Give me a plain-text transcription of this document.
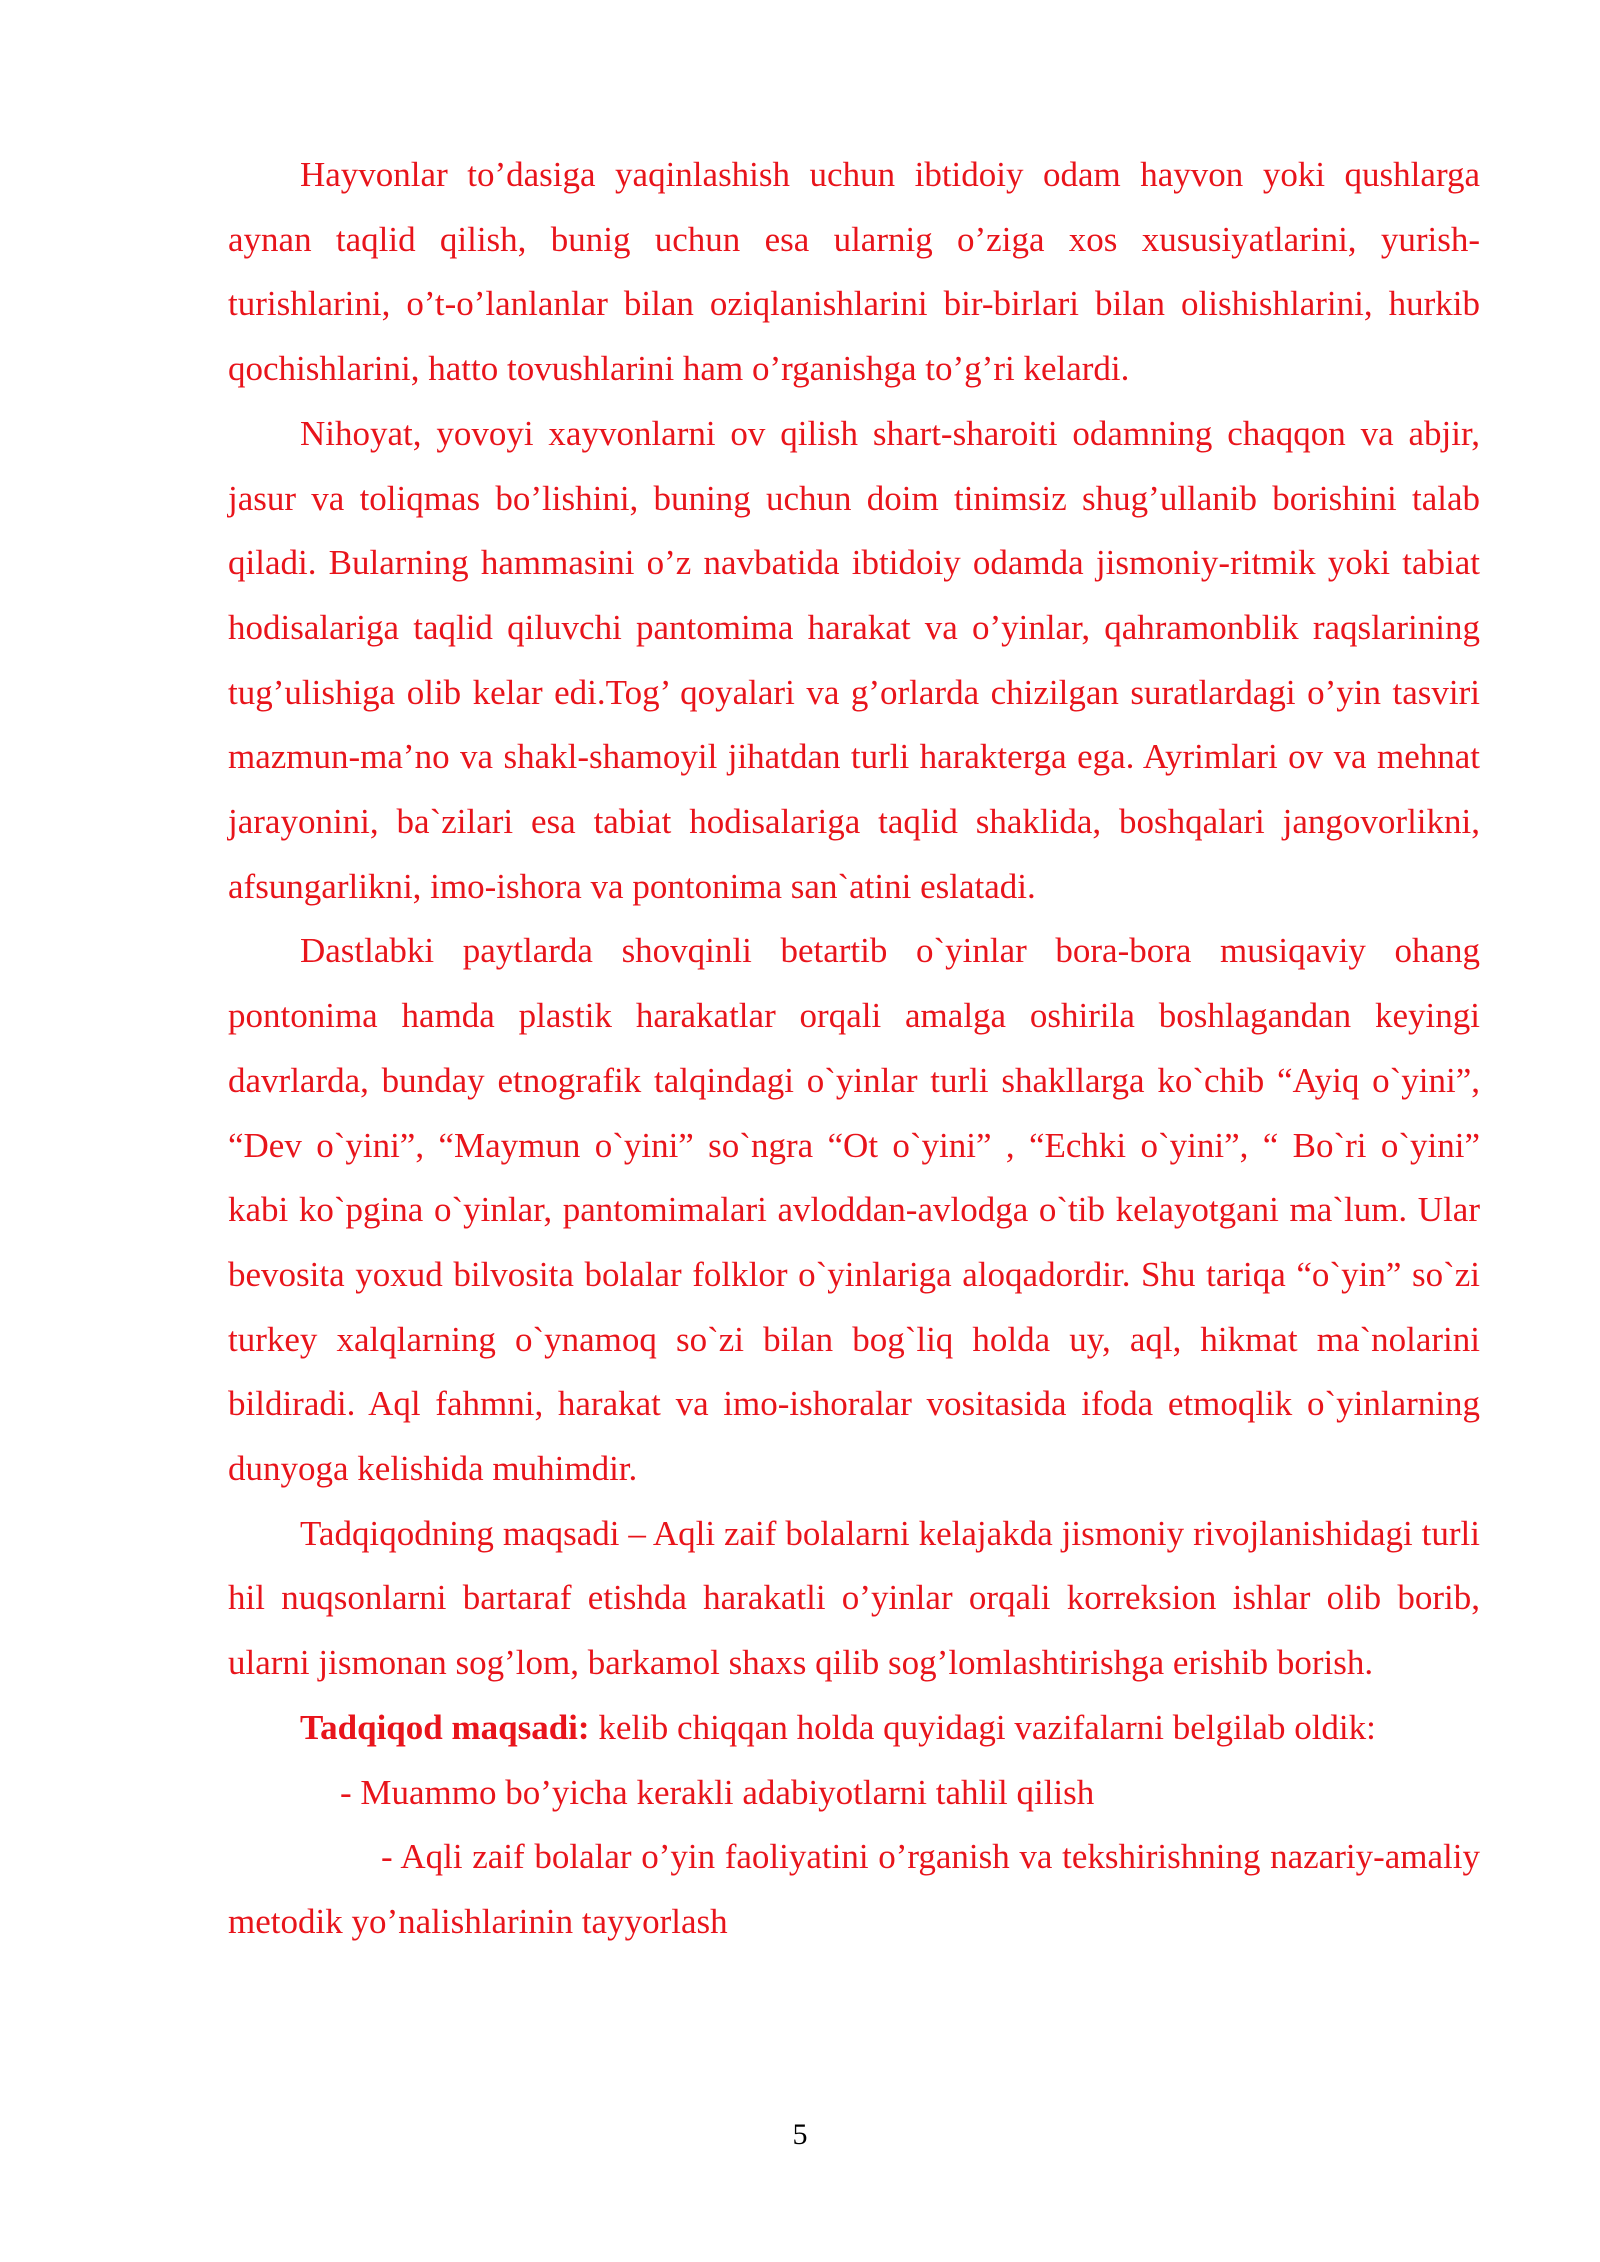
Hayvonlar to’dasiga yaqinlashish uchun ibtidoiy odam hayvon yoki qushlarga aynan taqlid qilish, bunig uchun esa ularnig o’ziga xos xususiyatlarini, yurish-turishlarini, o’t-o’lanlanlar bilan oziqlanishlarini bir-birlari bilan olishishlarini, hurkib qochishlarini, hatto tovushlarini ham o’rganishga to’g’ri kelardi.

Nihoyat, yovoyi xayvonlarni ov qilish shart-sharoiti odamning chaqqon va abjir, jasur va toliqmas bo’lishini, buning uchun doim tinimsiz shug’ullanib borishini talab qiladi. Bularning hammasini o’z navbatida ibtidoiy odamda jismoniy-ritmik yoki tabiat hodisalariga taqlid qiluvchi pantomima harakat va o’yinlar, qahramonblik raqslarining tug’ulishiga olib kelar edi.Tog’ qoyalari va g’orlarda chizilgan suratlardagi o’yin tasviri mazmun-ma’no va shakl-shamoyil jihatdan turli harakterga ega. Ayrimlari ov va mehnat jarayonini, ba`zilari esa tabiat hodisalariga taqlid shaklida, boshqalari jangovorlikni, afsungarlikni, imo-ishora va pontonima san`atini eslatadi.

Dastlabki paytlarda shovqinli betartib o`yinlar bora-bora musiqaviy ohang pontonima hamda plastik harakatlar orqali amalga oshirila boshlagandan keyingi davrlarda, bunday etnografik talqindagi o`yinlar turli shakllarga ko`chib “Ayiq o`yini”, “Dev o`yini”, “Maymun o`yini” so`ngra “Ot o`yini” , “Echki o`yini”, “ Bo`ri o`yini” kabi ko`pgina o`yinlar, pantomimalari avloddan-avlodga o`tib kelayotgani ma`lum. Ular bevosita yoxud bilvosita bolalar folklor o`yinlariga aloqadordir. Shu tariqa “o`yin” so`zi turkey xalqlarning o`ynamoq so`zi bilan bog`liq holda uy, aql, hikmat ma`nolarini bildiradi. Aql fahmni, harakat va imo-ishoralar vositasida ifoda etmoqlik o`yinlarning dunyoga kelishida muhimdir.

Tadqiqodning maqsadi – Aqli zaif bolalarni kelajakda jismoniy rivojlanishidagi turli hil nuqsonlarni bartaraf etishda harakatli o’yinlar orqali korreksion ishlar olib borib, ularni jismonan sog’lom, barkamol shaxs qilib sog’lomlashtirishga erishib borish.

Tadqiqod maqsadi: kelib chiqqan holda quyidagi vazifalarni belgilab oldik:

- Muammo bo’yicha kerakli adabiyotlarni tahlil qilish

- Aqli zaif bolalar o’yin faoliyatini o’rganish va tekshirishning nazariy-amaliy metodik yo’nalishlarinin tayyorlash

5
